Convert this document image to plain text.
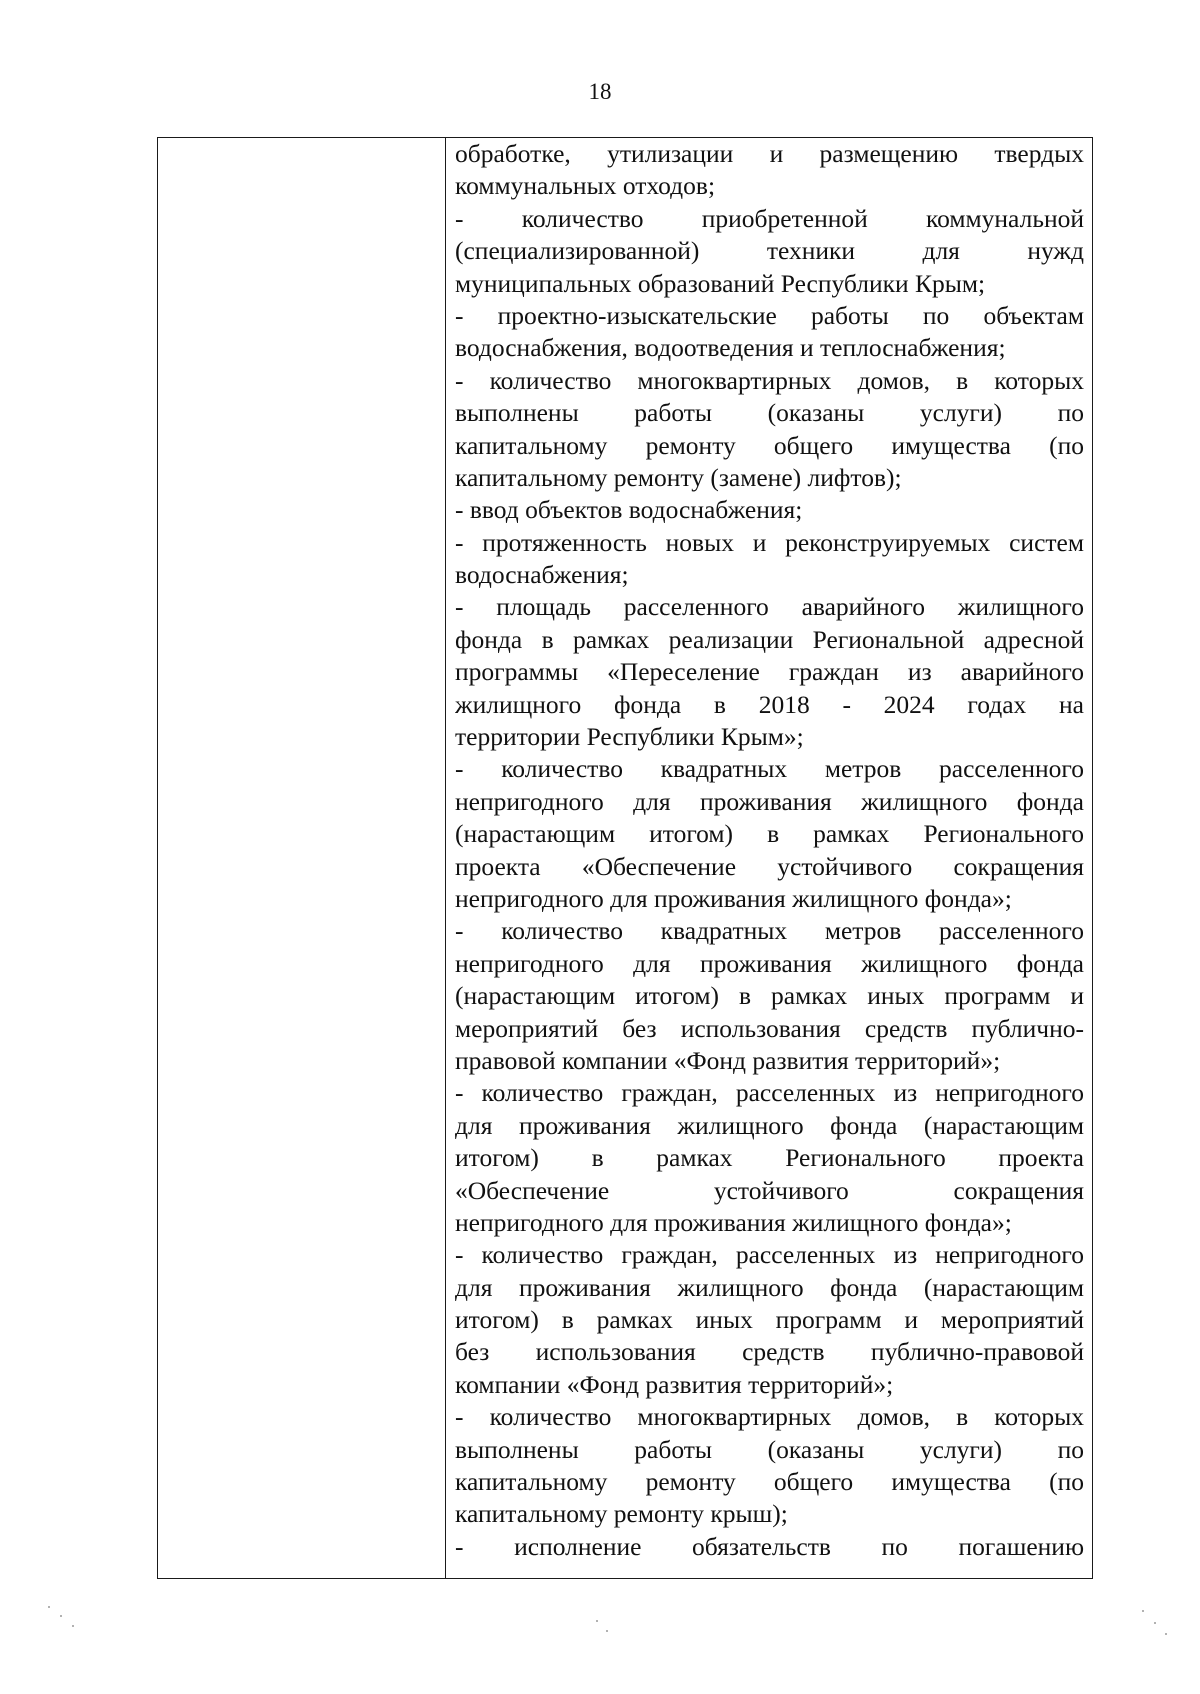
18
обработке, утилизации и размещению твердых
коммунальных отходов;
- количество приобретенной коммунальной
(специализированной) техники для нужд
муниципальных образований Республики Крым;
- проектно-изыскательские работы по объектам
водоснабжения, водоотведения и теплоснабжения;
- количество многоквартирных домов, в которых
выполнены работы (оказаны услуги) по
капитальному ремонту общего имущества (по
капитальному ремонту (замене) лифтов);
- ввод объектов водоснабжения;
- протяженность новых и реконструируемых систем
водоснабжения;
- площадь расселенного аварийного жилищного
фонда в рамках реализации Региональной адресной
программы «Переселение граждан из аварийного
жилищного фонда в 2018 - 2024 годах на
территории Республики Крым»;
- количество квадратных метров расселенного
непригодного для проживания жилищного фонда
(нарастающим итогом) в рамках Регионального
проекта «Обеспечение устойчивого сокращения
непригодного для проживания жилищного фонда»;
- количество квадратных метров расселенного
непригодного для проживания жилищного фонда
(нарастающим итогом) в рамках иных программ и
мероприятий без использования средств публично-
правовой компании «Фонд развития территорий»;
- количество граждан, расселенных из непригодного
для проживания жилищного фонда (нарастающим
итогом) в рамках Регионального проекта
«Обеспечение устойчивого сокращения
непригодного для проживания жилищного фонда»;
- количество граждан, расселенных из непригодного
для проживания жилищного фонда (нарастающим
итогом) в рамках иных программ и мероприятий
без использования средств публично-правовой
компании «Фонд развития территорий»;
- количество многоквартирных домов, в которых
выполнены работы (оказаны услуги) по
капитальному ремонту общего имущества (по
капитальному ремонту крыш);
- исполнение обязательств по погашению
